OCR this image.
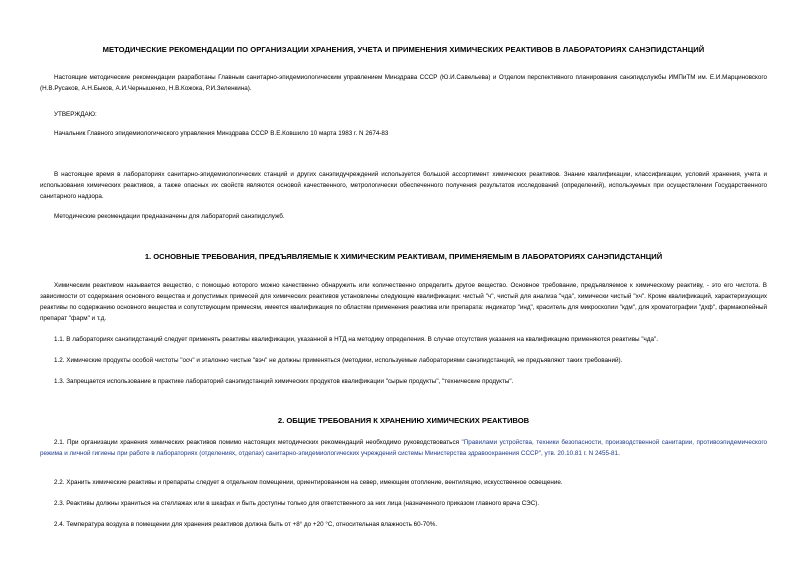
МЕТОДИЧЕСКИЕ РЕКОМЕНДАЦИИ ПО ОРГАНИЗАЦИИ ХРАНЕНИЯ, УЧЕТА И ПРИМЕНЕНИЯ ХИМИЧЕСКИХ РЕАКТИВОВ В ЛАБОРАТОРИЯХ САНЭПИДСТАНЦИЙ
Настоящие методические рекомендации разработаны Главным санитарно-эпидемиологическим управлением Минздрава СССР (Ю.И.Савельева) и Отделом перспективного планирования санэпидслужбы ИМПиТМ им. Е.И.Марциновского (Н.В.Русаков, А.Н.Быков, А.И.Чернышенко, Н.В.Кожока, Р.И.Зеленкина).
УТВЕРЖДАЮ:
Начальник Главного эпидемиологического управления Минздрава СССР В.Е.Ковшило 10 марта 1983 г. N 2674-83
В настоящее время в лабораториях санитарно-эпидемиологических станций и других санэпидучреждений используется большой ассортимент химических реактивов. Знание квалификации, классификации, условий хранения, учета и использования химических реактивов, а также опасных их свойств являются основой качественного, метрологически обеспеченного получения результатов исследований (определений), используемых при осуществлении Государственного санитарного надзора.
Методические рекомендации предназначены для лабораторий санэпидслужб.
1. ОСНОВНЫЕ ТРЕБОВАНИЯ, ПРЕДЪЯВЛЯЕМЫЕ К ХИМИЧЕСКИМ РЕАКТИВАМ, ПРИМЕНЯЕМЫМ В ЛАБОРАТОРИЯХ САНЭПИДСТАНЦИЙ
Химическим реактивом называется вещество, с помощью которого можно качественно обнаружить или количественно определить другое вещество. Основное требование, предъявляемое к химическому реактиву, - это его чистота. В зависимости от содержания основного вещества и допустимых примесей для химических реактивов установлены следующие квалификации: чистый "ч", чистый для анализа "чда", химически чистый "хч". Кроме квалификаций, характеризующих реактивы по содержанию основного вещества и сопутствующим примесям, имеется квалификация по областям применения реактива или препарата: индикатор "инд", краситель для микроскопии "кдм", для хроматографии "дхф", фармакопейный препарат "фарм" и т.д.
1.1. В лабораториях санэпидстанций следует применять реактивы квалификации, указанной в НТД на методику определения. В случае отсутствия указания на квалификацию применяются реактивы "чда".
1.2. Химические продукты особой чистоты "осч" и эталонно чистые "вэч" не должны применяться (методики, используемые лабораториями санэпидстанций, не предъявляют таких требований).
1.3. Запрещается использование в практике лабораторий санэпидстанций химических продуктов квалификации "сырые продукты", "технические продукты".
2. ОБЩИЕ ТРЕБОВАНИЯ К ХРАНЕНИЮ ХИМИЧЕСКИХ РЕАКТИВОВ
2.1. При организации хранения химических реактивов помимо настоящих методических рекомендаций необходимо руководствоваться "Правилами устройства, техники безопасности, производственной санитарии, противоэпидемического режима и личной гигиены при работе в лабораториях (отделениях, отделах) санитарно-эпидемиологических учреждений системы Министерства здравоохранения СССР", утв. 20.10.81 г. N 2455-81.
2.2. Хранить химические реактивы и препараты следует в отдельном помещении, ориентированном на север, имеющем отопление, вентиляцию, искусственное освещение.
2.3. Реактивы должны храниться на стеллажах или в шкафах и быть доступны только для ответственного за них лица (назначенного приказом главного врача СЭС).
2.4. Температура воздуха в помещении для хранения реактивов должна быть от +8° до +20 °С, относительная влажность 60-70%.
